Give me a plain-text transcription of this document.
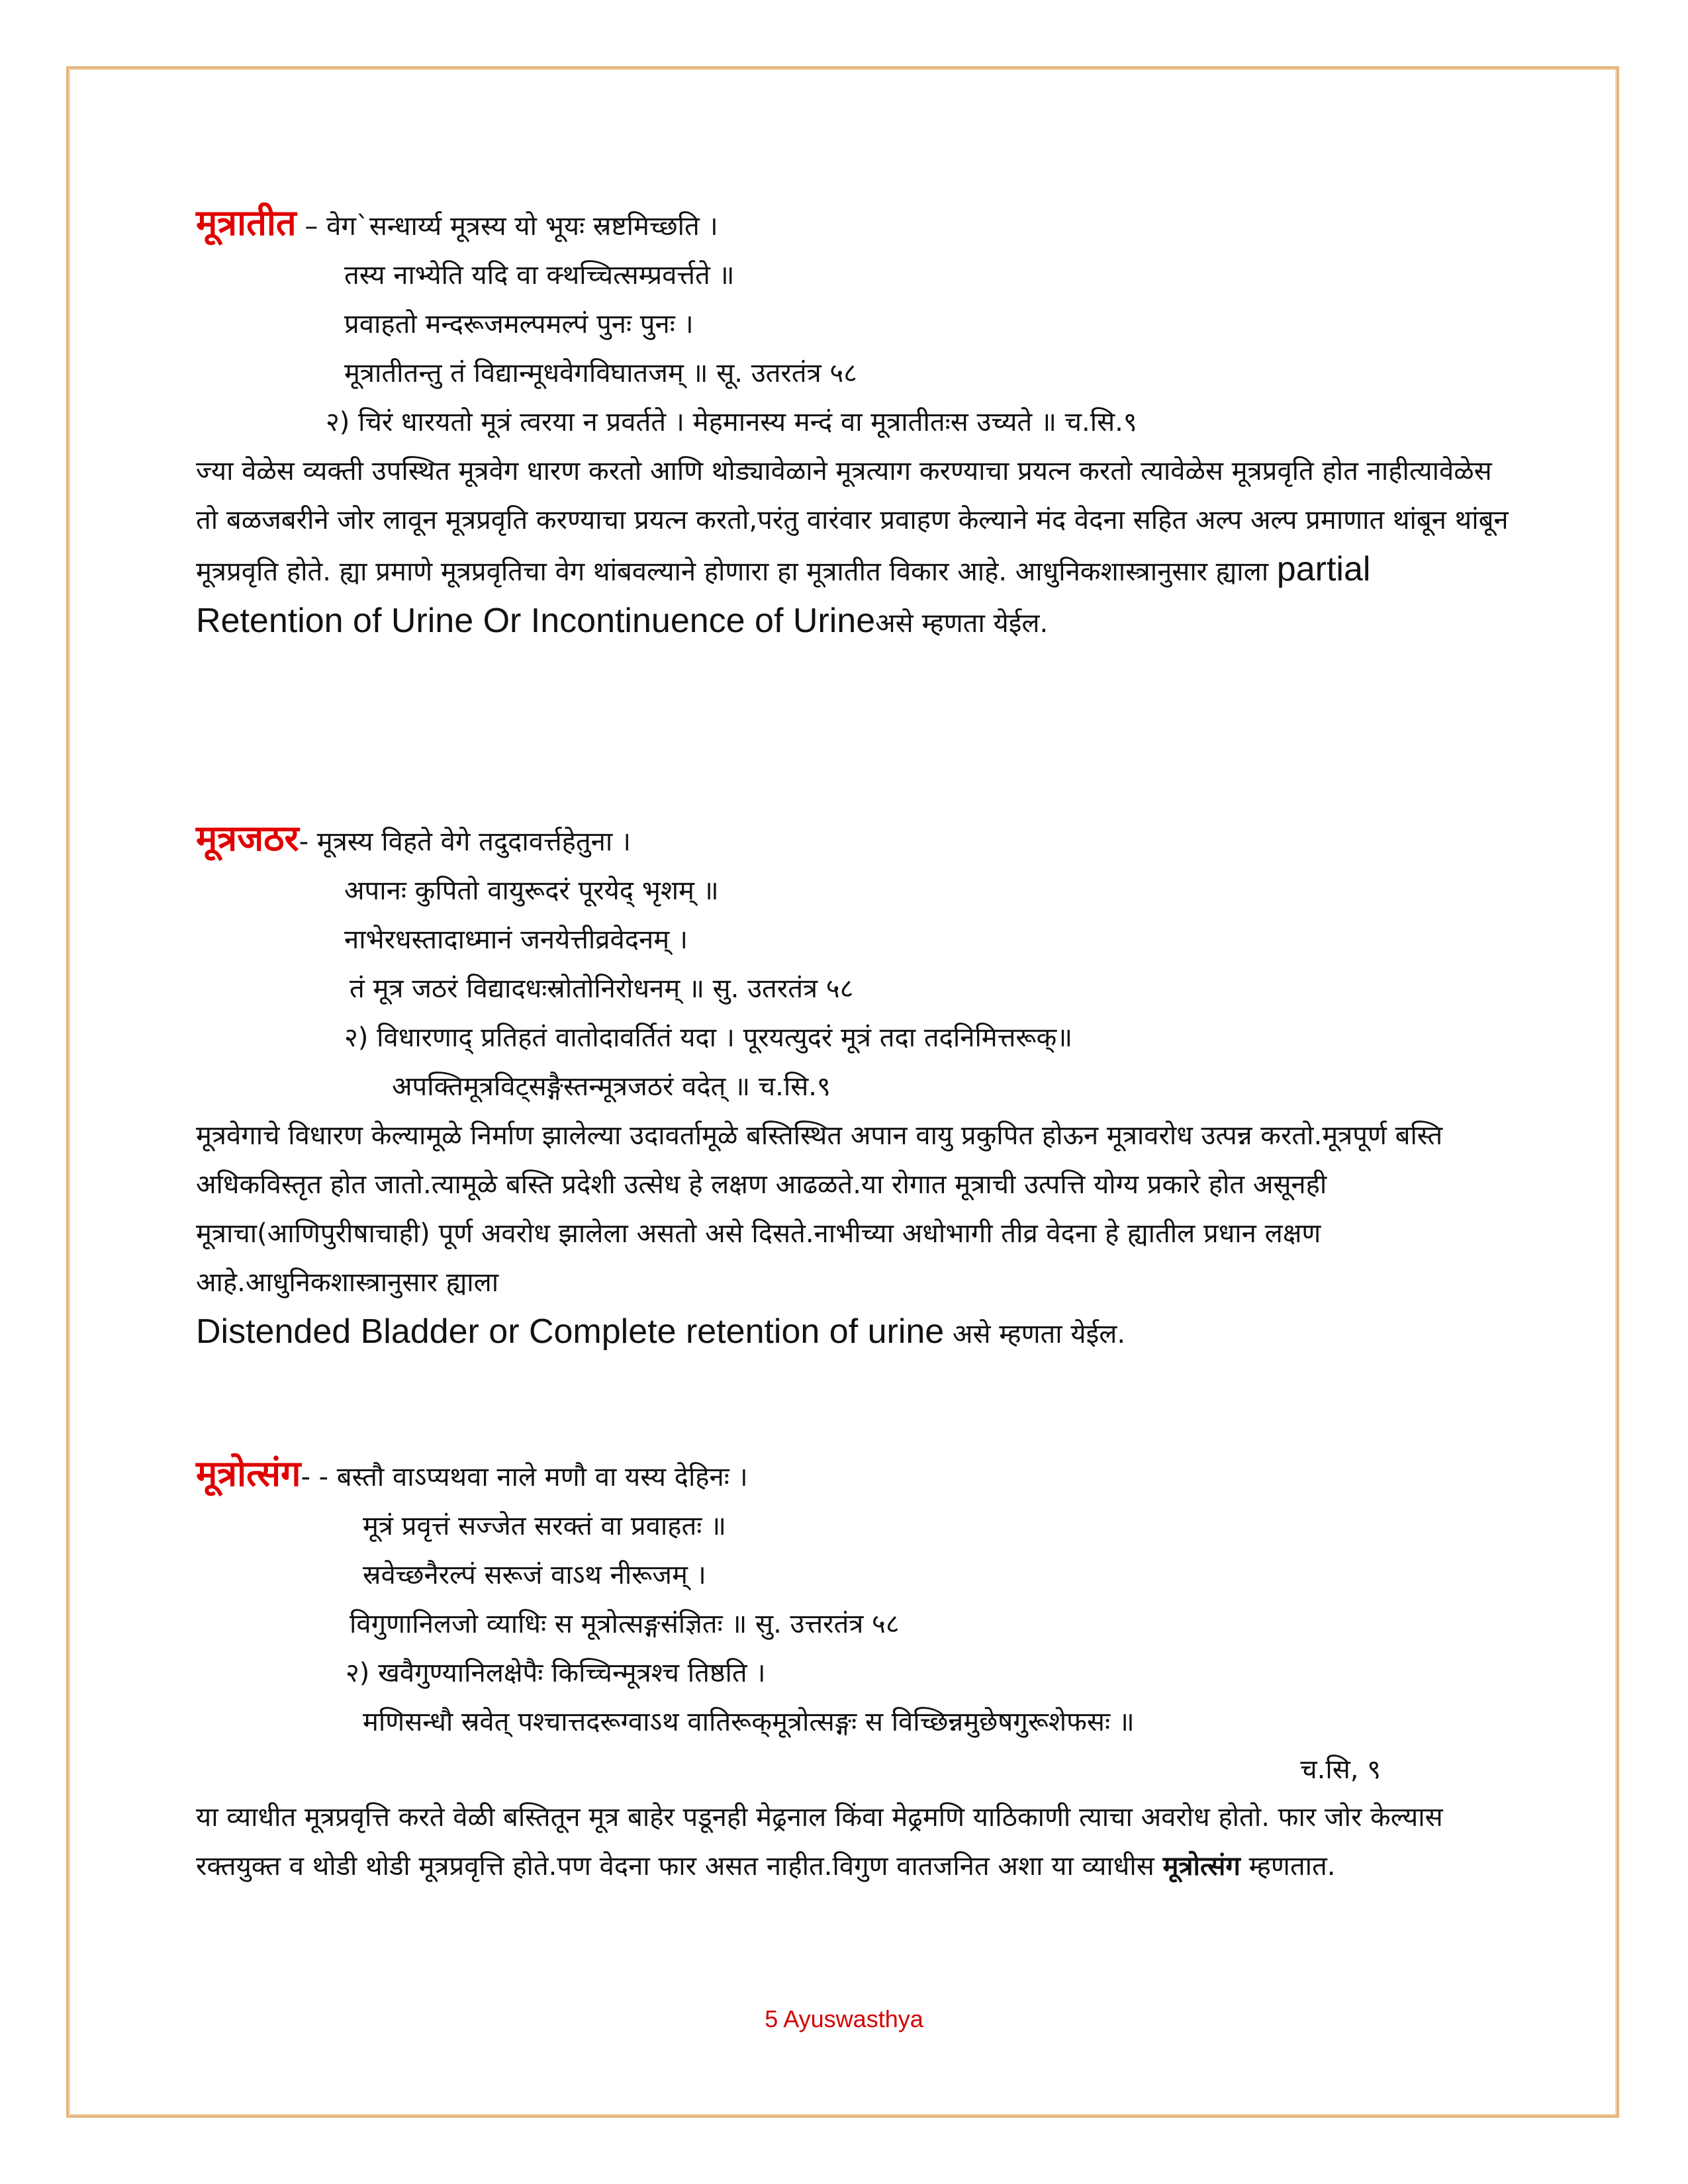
मूत्रातीत – वेग`सन्धार्य्य मूत्रस्य यो भूयः स्रष्टमिच्छति ।
तस्य नाभ्येति यदि वा क्थच्चित्सम्प्रवर्त्तते ॥
प्रवाहतो मन्दरूजमल्पमल्पं पुनः पुनः ।
मूत्रातीतन्तु तं विद्यान्मूधवेगविघातजम् ॥ सू. उतरतंत्र ५८
२) चिरं धारयतो मूत्रं त्वरया न प्रवर्तते । मेहमानस्य मन्दं वा मूत्रातीतःस उच्यते ॥ च.सि.९
ज्या वेळेस व्यक्ती उपस्थित मूत्रवेग धारण करतो आणि थोड्यावेळाने मूत्रत्याग करण्याचा प्रयत्न करतो त्यावेळेस मूत्रप्रवृति होत नाहीत्यावेळेस तो बळजबरीने जोर लावून मूत्रप्रवृति करण्याचा प्रयत्न करतो,परंतु वारंवार प्रवाहण केल्याने मंद वेदना सहित अल्प अल्प प्रमाणात थांबून थांबून मूत्रप्रवृति होते. ह्या प्रमाणे मूत्रप्रवृतिचा वेग थांबवल्याने होणारा हा मूत्रातीत विकार आहे. आधुनिकशास्त्रानुसार ह्याला partial Retention of Urine Or Incontinuence of Urineअसे म्हणता येईल.
मूत्रजठर- मूत्रस्य विहते वेगे तदुदावर्त्तहेतुना ।
अपानः कुपितो वायुरूदरं पूरयेद् भृशम् ॥
नाभेरधस्तादाध्मानं जनयेत्तीव्रवेदनम् ।
तं मूत्र जठरं विद्यादधःस्रोतोनिरोधनम् ॥ सु. उतरतंत्र ५८
२) विधारणाद् प्रतिहतं वातोदावर्तितं यदा । पूरयत्युदरं मूत्रं तदा तदनिमित्तरूक्॥
अपक्तिमूत्रविट्सङ्गैस्तन्मूत्रजठरं वदेत् ॥ च.सि.९
मूत्रवेगाचे विधारण केल्यामूळे निर्माण झालेल्या उदावर्तामूळे बस्तिस्थित अपान वायु प्रकुपित होऊन मूत्रावरोध उत्पन्न करतो.मूत्रपूर्ण बस्ति अधिकविस्तृत होत जातो.त्यामूळे बस्ति प्रदेशी उत्सेध हे लक्षण आढळते.या रोगात मूत्राची उत्पत्ति योग्य प्रकारे होत असूनही मूत्राचा(आणिपुरीषाचाही) पूर्ण अवरोध झालेला असतो असे दिसते.नाभीच्या अधोभागी तीव्र वेदना हे ह्यातील प्रधान लक्षण आहे.आधुनिकशास्त्रानुसार ह्याला
Distended Bladder or Complete retention of urine असे म्हणता येईल.
मूत्रोत्संग- - बस्तौ वाऽप्यथवा नाले मणौ वा यस्य देहिनः ।
मूत्रं प्रवृत्तं सज्जेत सरक्तं वा प्रवाहतः ॥
स्रवेच्छनैरल्पं सरूजं वाऽथ नीरूजम् ।
विगुणानिलजो व्याधिः स मूत्रोत्सङ्गसंज्ञितः ॥ सु. उत्तरतंत्र ५८
२) खवैगुण्यानिलक्षेपैः किच्चिन्मूत्रश्च तिष्ठति ।
मणिसन्धौ स्रवेत् पश्चात्तदरूग्वाऽथ वातिरूक्‌मूत्रोत्सङ्गः स विच्छिन्नमुछेषगुरूशेफसः ॥
च.सि, ९
या व्याधीत मूत्रप्रवृत्ति करते वेळी बस्तितून मूत्र बाहेर पडूनही मेढ्रनाल किंवा मेढ्रमणि याठिकाणी त्याचा अवरोध होतो. फार जोर केल्यास रक्तयुक्त व थोडी थोडी मूत्रप्रवृत्ति होते.पण वेदना फार असत नाहीत.विगुण वातजनित अशा या व्याधीस मूत्रोत्संग म्हणतात.
5 Ayuswasthya
